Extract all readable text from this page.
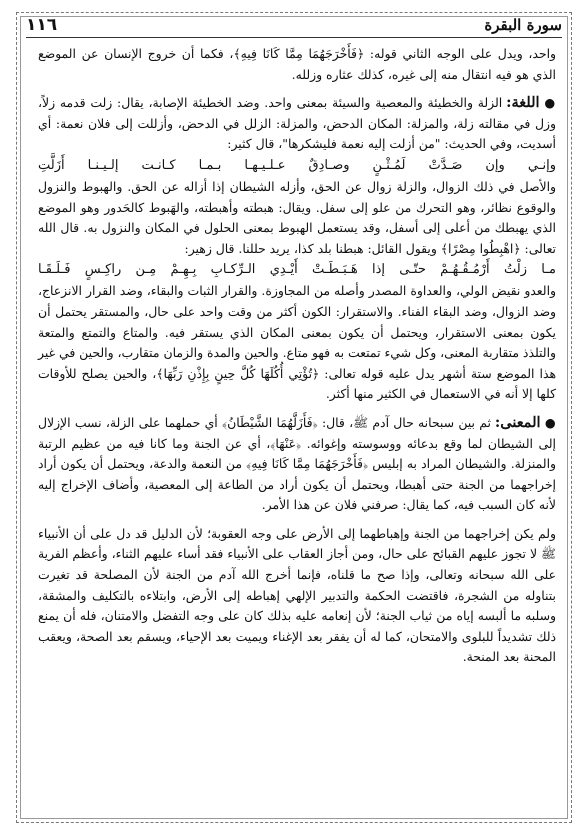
سورة البقرة
١١٦

واحد، ويدل على الوجه الثاني قوله: ﴿فَأَخْرَجَهُمَا مِمَّا كَانَا فِيهِ﴾، فكما أن خروج الإنسان عن الموضع الذي هو فيه انتقال منه إلى غيره، كذلك عثاره وزلله.

● اللغة: الزلة والخطيئة والمعصية والسيئة بمعنى واحد. وضد الخطيئة الإصابة، يقال: زلت قدمه زلاً، وزل في مقالته زلة، والمزلة: المكان الدحض، والمزلة: الزلل في الدحض، وأزللت إلى فلان نعمة: أي أسديت، وفي الحديث: "من أزلت إليه نعمة فليشكرها"، قال كثير:

وإنـي وإن صَـدَّتْ لَمُـثْـنٍ وصـادِقٌ عـلـيـهـا بـمـا كـانـت إلـيـنـا أَزَلَّتِ

والأصل في ذلك الزوال، والزلة زوال عن الحق، وأزله الشيطان إذا أزاله عن الحق. والهبوط والنزول والوقوع نظائر، وهو التحرك من علو إلى سفل. ويقال: هبطته وأهبطته، والهَبوط كالحَدور وهو الموضع الذي يهبطك من أعلى إلى أسفل، وقد يستعمل الهبوط بمعنى الحلول في المكان والنزول به. قال الله تعالى: ﴿اهْبِطُوا مِصْرًا﴾ ويقول القائل: هبطنا بلد كذا، يريد حللنا. قال زهير:

مـا زلْتُ أَرْمُـقُـهُـمْ حتّـى إذا هَـبَـطَـتْ أَيْـدِي الـرِّكـابِ بِـهِـمْ مِـن راكِـسٍ فَـلَـقَـا

والعدو نقيض الولي، والعداوة المصدر وأصله من المجاوزة. والقرار الثبات والبقاء، وضد القرار الانزعاج، وضد الزوال، وضد البقاء الفناء. والاستقرار: الكون أكثر من وقت واحد على حال، والمستقر يحتمل أن يكون بمعنى الاستقرار، ويحتمل أن يكون بمعنى المكان الذي يستقر فيه. والمتاع والتمتع والمتعة والتلذذ متقاربة المعنى، وكل شيء تمتعت به فهو متاع. والحين والمدة والزمان متقارب، والحين في غير هذا الموضع ستة أشهر يدل عليه قوله تعالى: ﴿تُؤْتِي أُكُلَهَا كُلَّ حِينٍ بِإِذْنِ رَبِّهَا﴾، والحين يصلح للأوقات كلها إلا أنه في الاستعمال في الكثير منها أكثر.

● المعنى: ثم بين سبحانه حال آدم ﷺ، قال: ﴿فَأَزَلَّهُمَا الشَّيْطَانُ﴾ أي حملهما على الزلة، نسب الإزلال إلى الشيطان لما وقع بدعائه ووسوسته وإغوائه. ﴿عَنْهَا﴾، أي عن الجنة وما كانا فيه من عظيم الرتبة والمنزلة. والشيطان المراد به إبليس ﴿فَأَخْرَجَهُمَا مِمَّا كَانَا فِيهِ﴾ من النعمة والدعة، ويحتمل أن يكون أراد إخراجهما من الجنة حتى أهبطا، ويحتمل أن يكون أراد من الطاعة إلى المعصية، وأضاف الإخراج إليه لأنه كان السبب فيه، كما يقال: صرفني فلان عن هذا الأمر.

ولم يكن إخراجهما من الجنة وإهباطهما إلى الأرض على وجه العقوبة؛ لأن الدليل قد دل على أن الأنبياء ﷺ لا تجوز عليهم القبائح على حال، ومن أجاز العقاب على الأنبياء فقد أساء عليهم الثناء، وأعظم الفرية على الله سبحانه وتعالى، وإذا صح ما قلناه، فإنما أخرج الله آدم من الجنة لأن المصلحة قد تغيرت بتناوله من الشجرة، فاقتضت الحكمة والتدبير الإلهي إهباطه إلى الأرض، وابتلاءه بالتكليف والمشقة، وسلبه ما ألبسه إياه من ثياب الجنة؛ لأن إنعامه عليه بذلك كان على وجه التفضل والامتنان، فله أن يمنع ذلك تشديداً للبلوى والامتحان، كما له أن يفقر بعد الإغناء ويميت بعد الإحياء، ويسقم بعد الصحة، ويعقب المحنة بعد المنحة.
